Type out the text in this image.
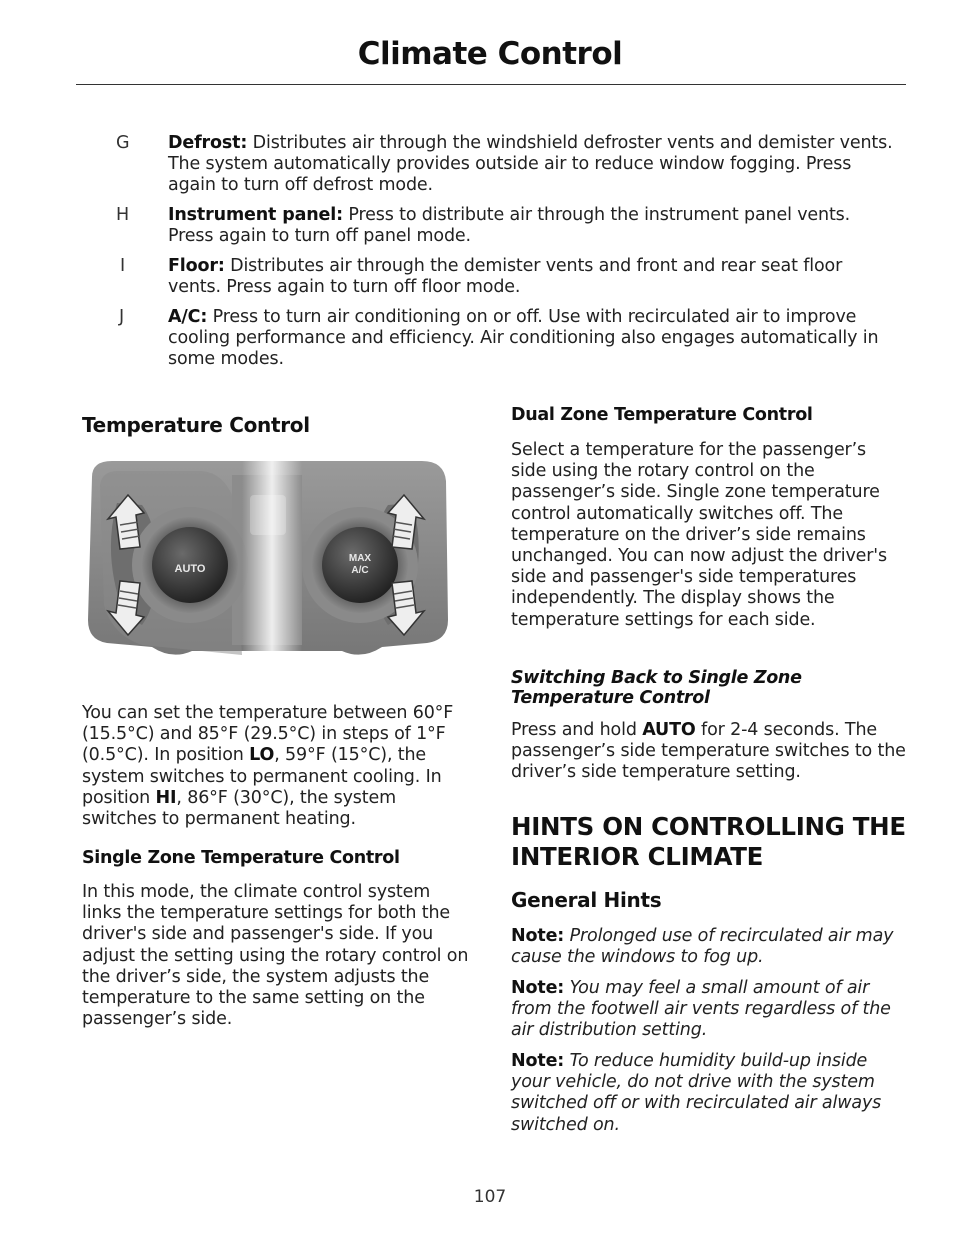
Climate Control
G	Defrost: Distributes air through the windshield defroster vents and demister vents. The system automatically provides outside air to reduce window fogging. Press again to turn off defrost mode.
H	Instrument panel: Press to distribute air through the instrument panel vents. Press again to turn off panel mode.
I	Floor: Distributes air through the demister vents and front and rear seat floor vents. Press again to turn off floor mode.
J	A/C: Press to turn air conditioning on or off. Use with recirculated air to improve cooling performance and efficiency. Air conditioning also engages automatically in some modes.
Temperature Control
AUTO
MAX
A/C
You can set the temperature between 60°F (15.5°C) and 85°F (29.5°C) in steps of 1°F (0.5°C). In position LO, 59°F (15°C), the system switches to permanent cooling. In position HI, 86°F (30°C), the system switches to permanent heating.
Single Zone Temperature Control
In this mode, the climate control system links the temperature settings for both the driver's side and passenger's side. If you adjust the setting using the rotary control on the driver’s side, the system adjusts the temperature to the same setting on the passenger’s side.
Dual Zone Temperature Control
Select a temperature for the passenger’s side using the rotary control on the passenger’s side. Single zone temperature control automatically switches off. The temperature on the driver’s side remains unchanged. You can now adjust the driver's side and passenger's side temperatures independently. The display shows the temperature settings for each side.
Switching Back to Single Zone Temperature Control
Press and hold AUTO for 2-4 seconds. The passenger’s side temperature switches to the driver’s side temperature setting.
HINTS ON CONTROLLING THE INTERIOR CLIMATE
General Hints
Note: Prolonged use of recirculated air may cause the windows to fog up.
Note: You may feel a small amount of air from the footwell air vents regardless of the air distribution setting.
Note: To reduce humidity build-up inside your vehicle, do not drive with the system switched off or with recirculated air always switched on.
107
